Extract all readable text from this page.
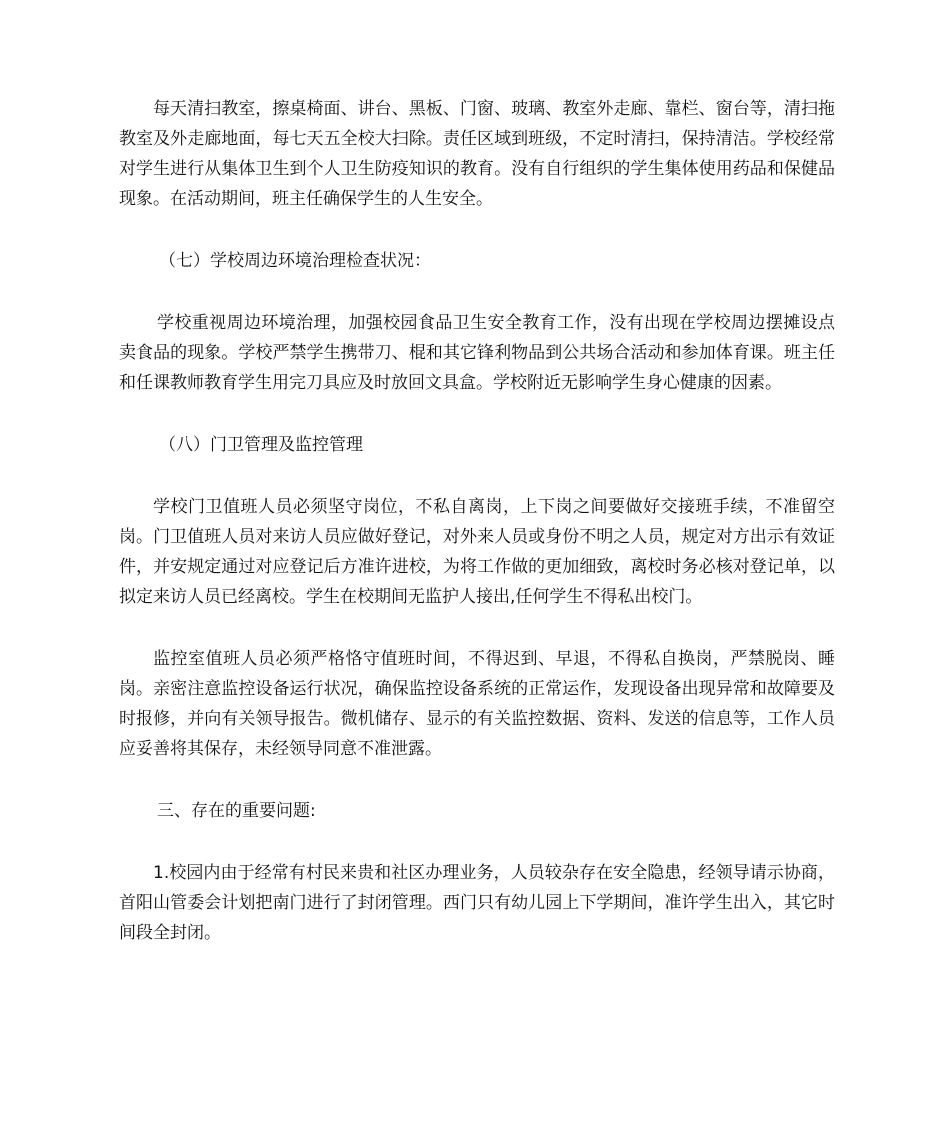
每天清扫教室，擦桌椅面、讲台、黑板、门窗、玻璃、教室外走廊、靠栏、窗台等，清扫拖教室及外走廊地面，每七天五全校大扫除。责任区域到班级，不定时清扫，保持清洁。学校经常对学生进行从集体卫生到个人卫生防疫知识的教育。没有自行组织的学生集体使用药品和保健品现象。在活动期间，班主任确保学生的人生安全。

（七）学校周边环境治理检查状况：

学校重视周边环境治理，加强校园食品卫生安全教育工作，没有出现在学校周边摆摊设点卖食品的现象。学校严禁学生携带刀、棍和其它锋利物品到公共场合活动和参加体育课。班主任和任课教师教育学生用完刀具应及时放回文具盒。学校附近无影响学生身心健康的因素。

（八）门卫管理及监控管理

学校门卫值班人员必须坚守岗位，不私自离岗，上下岗之间要做好交接班手续，不准留空岗。门卫值班人员对来访人员应做好登记，对外来人员或身份不明之人员，规定对方出示有效证件，并安规定通过对应登记后方准许进校，为将工作做的更加细致，离校时务必核对登记单，以拟定来访人员已经离校。学生在校期间无监护人接出,任何学生不得私出校门。

监控室值班人员必须严格恪守值班时间，不得迟到、早退，不得私自换岗，严禁脱岗、睡岗。亲密注意监控设备运行状况，确保监控设备系统的正常运作，发现设备出现异常和故障要及时报修，并向有关领导报告。微机储存、显示的有关监控数据、资料、发送的信息等，工作人员应妥善将其保存，未经领导同意不准泄露。

三、存在的重要问题:

1.校园内由于经常有村民来贵和社区办理业务，人员较杂存在安全隐患，经领导请示协商，首阳山管委会计划把南门进行了封闭管理。西门只有幼儿园上下学期间，准许学生出入，其它时间段全封闭。
